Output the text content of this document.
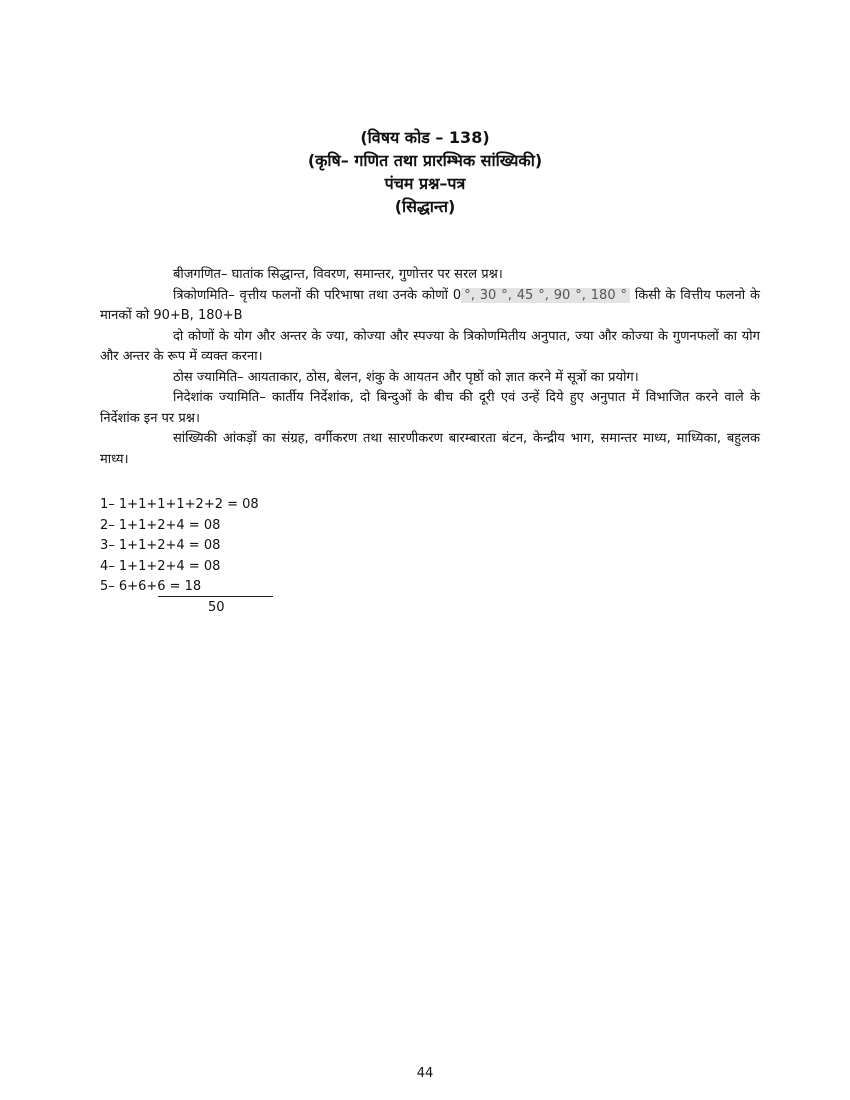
(विषय कोड – 138)
(कृषि– गणित तथा प्रारम्भिक सांख्यिकी)
पंचम प्रश्न–पत्र
(सिद्धान्त)
बीजगणित– घातांक सिद्धान्त, विवरण, समान्तर, गुणोत्तर पर सरल प्रश्न।
त्रिकोणमिति– वृत्तीय फलनों की परिभाषा तथा उनके कोणों 0 °, 30 °, 45 °, 90 °, 180 ° किसी के वित्तीय फलनो के मानकों को 90+B, 180+B
दो कोणों के योग और अन्तर के ज्या, कोज्या और स्पज्या के त्रिकोणमितीय अनुपात, ज्या और कोज्या के गुणनफलों का योग और अन्तर के रूप में व्यक्त करना।
ठोस ज्यामिति– आयताकार, ठोस, बेलन, शंकु के आयतन और पृष्ठों को ज्ञात करने में सूत्रों का प्रयोग।
निदेशांक ज्यामिति– कार्तीय निर्देशांक, दो बिन्दुओं के बीच की दूरी एवं उन्हें दिये हुए अनुपात में विभाजित करने वाले के निर्देशांक इन पर प्रश्न।
सांख्यिकी आंकड़ों का संग्रह, वर्गीकरण तथा सारणीकरण बारम्बारता बंटन, केन्द्रीय भाग, समान्तर माध्य, माध्यिका, बहुलक माध्य।
1– 1+1+1+1+2+2 = 08
2– 1+1+2+4 = 08
3– 1+1+2+4 = 08
4– 1+1+2+4 = 08
5– 6+6+6 = 18
50
44
